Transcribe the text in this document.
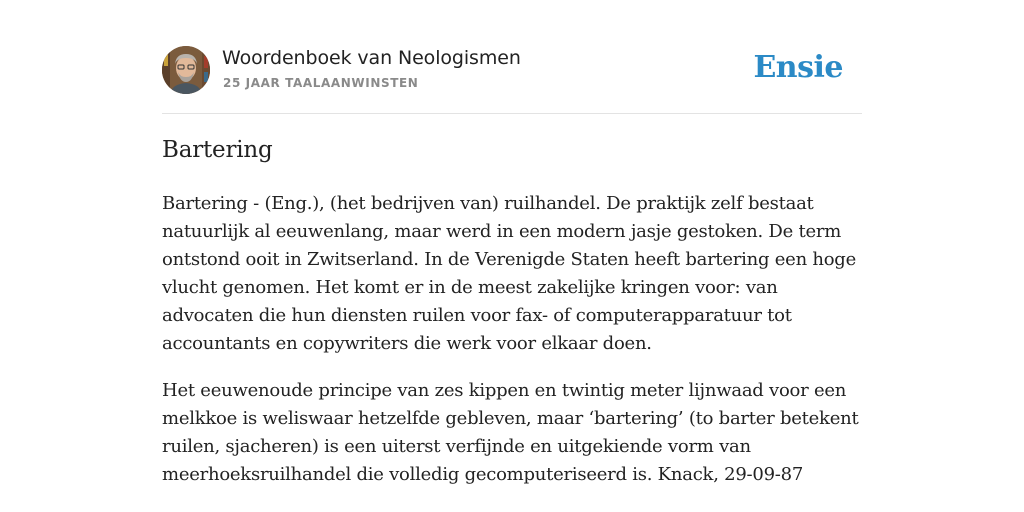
Woordenboek van Neologismen
25 JAAR TAALAANWINSTEN	Ensie
Bartering

Bartering - (Eng.), (het bedrijven van) ruilhandel. De praktijk zelf bestaat natuurlijk al eeuwenlang, maar werd in een modern jasje gestoken. De term ontstond ooit in Zwitserland. In de Verenigde Staten heeft bartering een hoge vlucht genomen. Het komt er in de meest zakelijke kringen voor: van advocaten die hun diensten ruilen voor fax- of computerapparatuur tot accountants en copywriters die werk voor elkaar doen.

Het eeuwenoude principe van zes kippen en twintig meter lijnwaad voor een melkkoe is weliswaar hetzelfde gebleven, maar ‘bartering’ (to barter betekent ruilen, sjacheren) is een uiterst verfijnde en uitgekiende vorm van meerhoeksruilhandel die volledig gecomputeriseerd is. Knack, 29-09-87
